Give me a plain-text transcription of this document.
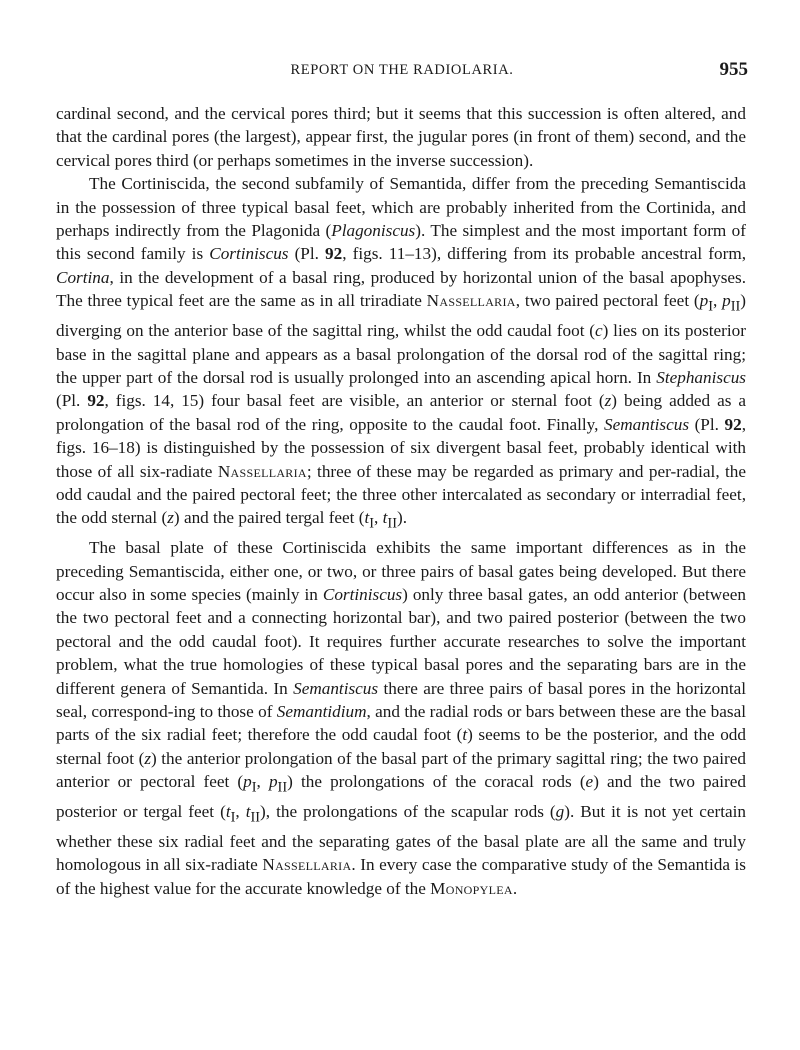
REPORT ON THE RADIOLARIA.	955

cardinal second, and the cervical pores third; but it seems that this succession is often altered, and that the cardinal pores (the largest), appear first, the jugular pores (in front of them) second, and the cervical pores third (or perhaps sometimes in the inverse succession).

The Cortiniscida, the second subfamily of Semantida, differ from the preceding Semantiscida in the possession of three typical basal feet, which are probably inherited from the Cortinida, and perhaps indirectly from the Plagonida (Plagoniscus). The simplest and the most important form of this second family is Cortiniscus (Pl. 92, figs. 11–13), differing from its probable ancestral form, Cortina, in the development of a basal ring, produced by horizontal union of the basal apophyses. The three typical feet are the same as in all triradiate Nassellaria, two paired pectoral feet ($p_I$, $p_{II}$) diverging on the anterior base of the sagittal ring, whilst the odd caudal foot (c) lies on its posterior base in the sagittal plane and appears as a basal prolongation of the dorsal rod of the sagittal ring; the upper part of the dorsal rod is usually prolonged into an ascending apical horn. In Stephaniscus (Pl. 92, figs. 14, 15) four basal feet are visible, an anterior or sternal foot (z) being added as a prolongation of the basal rod of the ring, opposite to the caudal foot. Finally, Semantiscus (Pl. 92, figs. 16–18) is distinguished by the possession of six divergent basal feet, probably identical with those of all six-radiate Nassellaria; three of these may be regarded as primary and per-radial, the odd caudal and the paired pectoral feet; the three other intercalated as secondary or interradial feet, the odd sternal (z) and the paired tergal feet ($t_I$, $t_{II}$).

The basal plate of these Cortiniscida exhibits the same important differences as in the preceding Semantiscida, either one, or two, or three pairs of basal gates being developed. But there occur also in some species (mainly in Cortiniscus) only three basal gates, an odd anterior (between the two pectoral feet and a connecting horizontal bar), and two paired posterior (between the two pectoral and the odd caudal foot). It requires further accurate researches to solve the important problem, what the true homologies of these typical basal pores and the separating bars are in the different genera of Semantida. In Semantiscus there are three pairs of basal pores in the horizontal seal, correspond-ing to those of Semantidium, and the radial rods or bars between these are the basal parts of the six radial feet; therefore the odd caudal foot (t) seems to be the posterior, and the odd sternal foot (z) the anterior prolongation of the basal part of the primary sagittal ring; the two paired anterior or pectoral feet ($p_I$, $p_{II}$) the prolongations of the coracal rods (e) and the two paired posterior or tergal feet ($t_I$, $t_{II}$), the prolongations of the scapular rods (g). But it is not yet certain whether these six radial feet and the separating gates of the basal plate are all the same and truly homologous in all six-radiate Nassellaria. In every case the comparative study of the Semantida is of the highest value for the accurate knowledge of the Monopylea.
